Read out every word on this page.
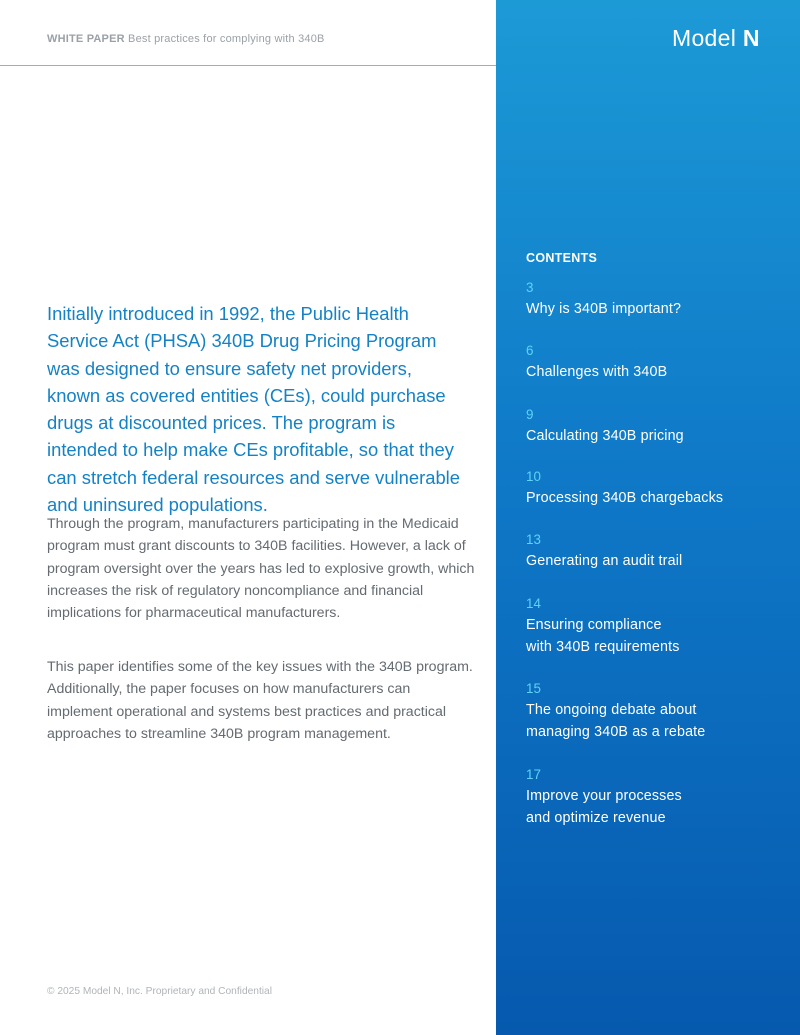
WHITE PAPER Best practices for complying with 340B	Model N

Initially introduced in 1992, the Public Health Service Act (PHSA) 340B Drug Pricing Program was designed to ensure safety net providers, known as covered entities (CEs), could purchase drugs at discounted prices. The program is intended to help make CEs profitable, so that they can stretch federal resources and serve vulnerable and uninsured populations.

Through the program, manufacturers participating in the Medicaid program must grant discounts to 340B facilities. However, a lack of program oversight over the years has led to explosive growth, which increases the risk of regulatory noncompliance and financial implications for pharmaceutical manufacturers.

This paper identifies some of the key issues with the 340B program. Additionally, the paper focuses on how manufacturers can implement operational and systems best practices and practical approaches to streamline 340B program management.

© 2025 Model N, Inc. Proprietary and Confidential
CONTENTS
3
Why is 340B important?
6
Challenges with 340B
9
Calculating 340B pricing
10
Processing 340B chargebacks
13
Generating an audit trail
14
Ensuring compliance
with 340B requirements
15
The ongoing debate about
managing 340B as a rebate
17
Improve your processes
and optimize revenue
